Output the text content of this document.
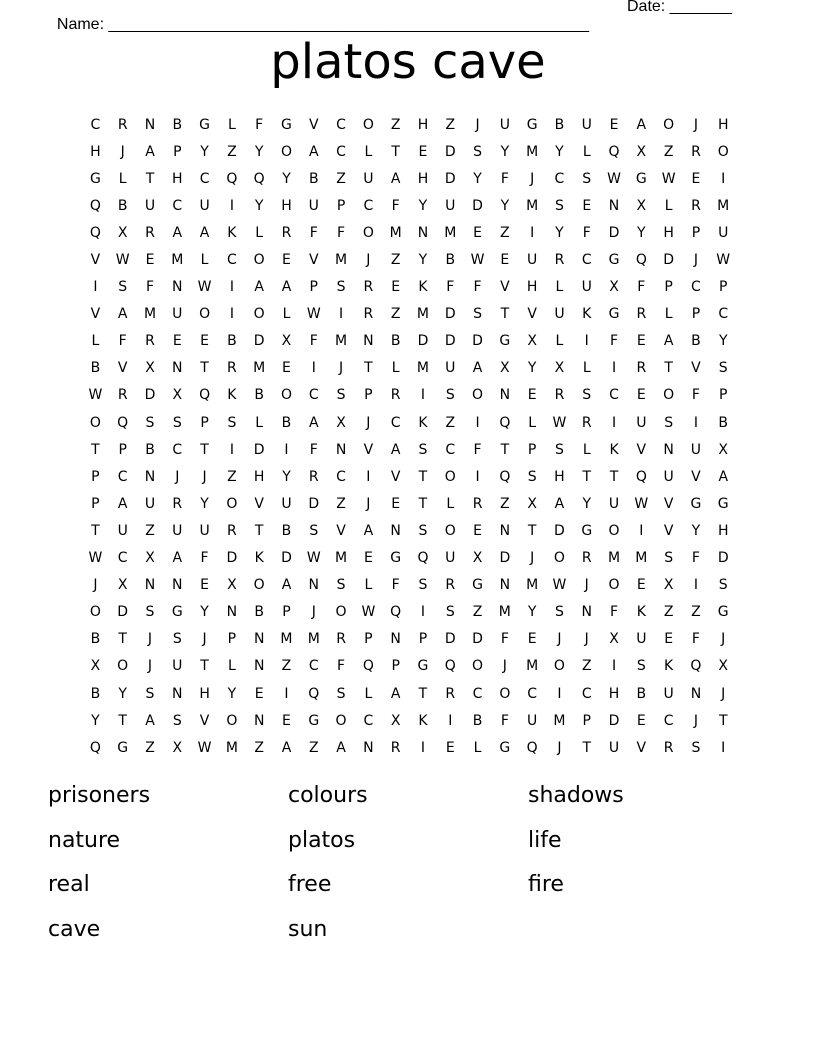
Name: ______________________________________________________

Date: _______

platos cave
C	R	N	B	G	L	F	G	V	C	O	Z	H	Z	J	U	G	B	U	E	A	O	J	H
H	J	A	P	Y	Z	Y	O	A	C	L	T	E	D	S	Y	M	Y	L	Q	X	Z	R	O
G	L	T	H	C	Q	Q	Y	B	Z	U	A	H	D	Y	F	J	C	S	W	G	W	E	I
Q	B	U	C	U	I	Y	H	U	P	C	F	Y	U	D	Y	M	S	E	N	X	L	R	M
Q	X	R	A	A	K	L	R	F	F	O	M	N	M	E	Z	I	Y	F	D	Y	H	P	U
V	W	E	M	L	C	O	E	V	M	J	Z	Y	B	W	E	U	R	C	G	Q	D	J	W
I	S	F	N	W	I	A	A	P	S	R	E	K	F	F	V	H	L	U	X	F	P	C	P
V	A	M	U	O	I	O	L	W	I	R	Z	M	D	S	T	V	U	K	G	R	L	P	C
L	F	R	E	E	B	D	X	F	M	N	B	D	D	D	G	X	L	I	F	E	A	B	Y
B	V	X	N	T	R	M	E	I	J	T	L	M	U	A	X	Y	X	L	I	R	T	V	S
W	R	D	X	Q	K	B	O	C	S	P	R	I	S	O	N	E	R	S	C	E	O	F	P
O	Q	S	S	P	S	L	B	A	X	J	C	K	Z	I	Q	L	W	R	I	U	S	I	B
T	P	B	C	T	I	D	I	F	N	V	A	S	C	F	T	P	S	L	K	V	N	U	X
P	C	N	J	J	Z	H	Y	R	C	I	V	T	O	I	Q	S	H	T	T	Q	U	V	A
P	A	U	R	Y	O	V	U	D	Z	J	E	T	L	R	Z	X	A	Y	U	W	V	G	G
T	U	Z	U	U	R	T	B	S	V	A	N	S	O	E	N	T	D	G	O	I	V	Y	H
W	C	X	A	F	D	K	D	W M	E	G	Q	U	X	D	J	O	R	M	M	S	F	D
J	X	N	N	E	X	O	A	N	S	L	F	S	R	G	N	M W	J	O	E	X	I	S
O	D	S	G	Y	N	B	P	J	O	W	Q	I	S	Z	M	Y	S	N	F	K	Z	Z	G
B	T	J	S	J	P	N	M	M	R	P	N	P	D	D	F	E	J	J	X	U	E	F	J
X	O	J	U	T	L	N	Z	C	F	Q	P	G	Q	O	J	M	O	Z	I	S	K	Q	X
B	Y	S	N	H	Y	E	I	Q	S	L	A	T	R	C	O	C	I	C	H	B	U	N	J
Y	T	A	S	V	O	N	E	G	O	C	X	K	I	B	F	U	M	P	D	E	C	J	T
Q	G	Z	X	W M	Z	A	Z	A	N	R	I	E	L	G	Q	J	T	U	V	R	S	I
prisoners	colours	shadows
nature	platos	life
real	free	fire
cave	sun
